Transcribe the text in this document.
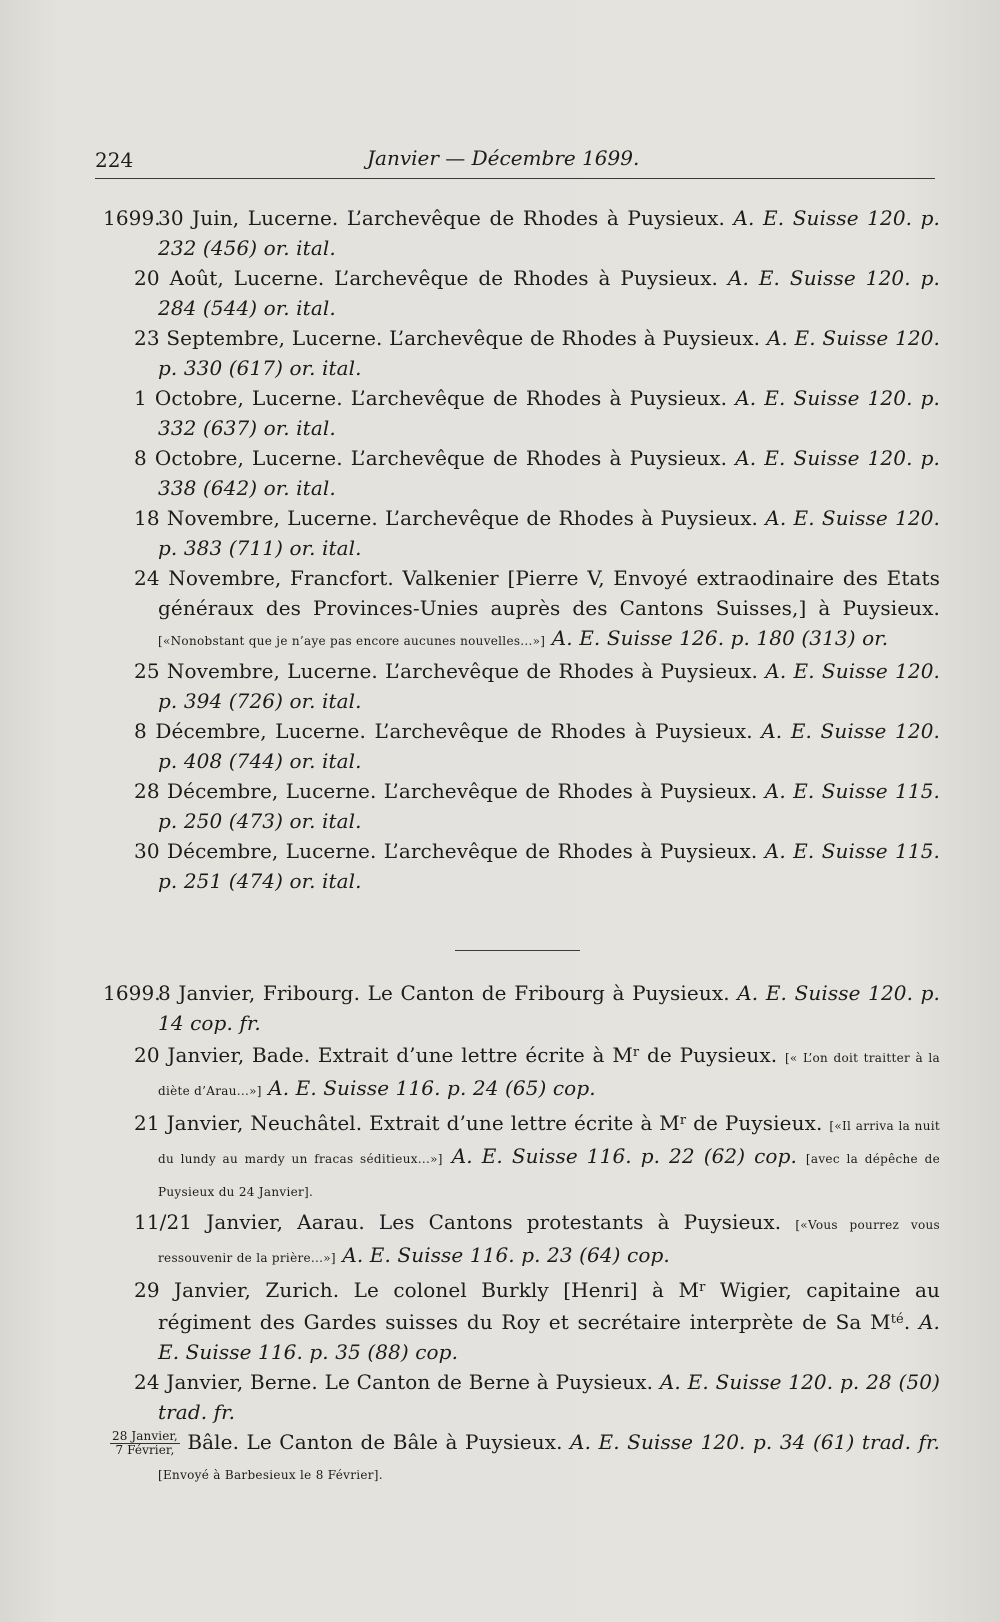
224	Janvier — Décembre 1699.
1699.
30 Juin, Lucerne. L’archevêque de Rhodes à Puysieux. A. E. Suisse 120. p. 232 (456) or. ital.
20 Août, Lucerne. L’archevêque de Rhodes à Puysieux. A. E. Suisse 120. p. 284 (544) or. ital.
23 Septembre, Lucerne. L’archevêque de Rhodes à Puysieux. A. E. Suisse 120. p. 330 (617) or. ital.
1 Octobre, Lucerne. L’archevêque de Rhodes à Puysieux. A. E. Suisse 120. p. 332 (637) or. ital.
8 Octobre, Lucerne. L’archevêque de Rhodes à Puysieux. A. E. Suisse 120. p. 338 (642) or. ital.
18 Novembre, Lucerne. L’archevêque de Rhodes à Puysieux. A. E. Suisse 120. p. 383 (711) or. ital.
24 Novembre, Francfort. Valkenier [Pierre V, Envoyé extraodinaire des Etats généraux des Provinces-Unies auprès des Cantons Suisses,] à Puysieux. [«Nonobstant que je n’aye pas encore aucunes nouvelles...»] A. E. Suisse 126. p. 180 (313) or.
25 Novembre, Lucerne. L’archevêque de Rhodes à Puysieux. A. E. Suisse 120. p. 394 (726) or. ital.
8 Décembre, Lucerne. L’archevêque de Rhodes à Puysieux. A. E. Suisse 120. p. 408 (744) or. ital.
28 Décembre, Lucerne. L’archevêque de Rhodes à Puysieux. A. E. Suisse 115. p. 250 (473) or. ital.
30 Décembre, Lucerne. L’archevêque de Rhodes à Puysieux. A. E. Suisse 115. p. 251 (474) or. ital.
1699.
8 Janvier, Fribourg. Le Canton de Fribourg à Puysieux. A. E. Suisse 120. p. 14 cop. fr.
20 Janvier, Bade. Extrait d’une lettre écrite à $M^r$ de Puysieux. [« L’on doit traitter à la diète d’Arau...»] A. E. Suisse 116. p. 24 (65) cop.
21 Janvier, Neuchâtel. Extrait d’une lettre écrite à $M^r$ de Puysieux. [«Il arriva la nuit du lundy au mardy un fracas séditieux...»] A. E. Suisse 116. p. 22 (62) cop. [avec la dépêche de Puysieux du 24 Janvier].
11/21 Janvier, Aarau. Les Cantons protestants à Puysieux. [«Vous pourrez vous ressouvenir de la prière...»] A. E. Suisse 116. p. 23 (64) cop.
29 Janvier, Zurich. Le colonel Burkly [Henri] à $M^r$ Wigier, capitaine au régiment des Gardes suisses du Roy et secrétaire interprète de Sa $M^{té}$. A. E. Suisse 116. p. 35 (88) cop.
24 Janvier, Berne. Le Canton de Berne à Puysieux. A. E. Suisse 120. p. 28 (50) trad. fr.
$\frac{\text{28 Janvier,}}{\text{7 Février,}}$ Bâle. Le Canton de Bâle à Puysieux. A. E. Suisse 120. p. 34 (61) trad. fr. [Envoyé à Barbesieux le 8 Février].
